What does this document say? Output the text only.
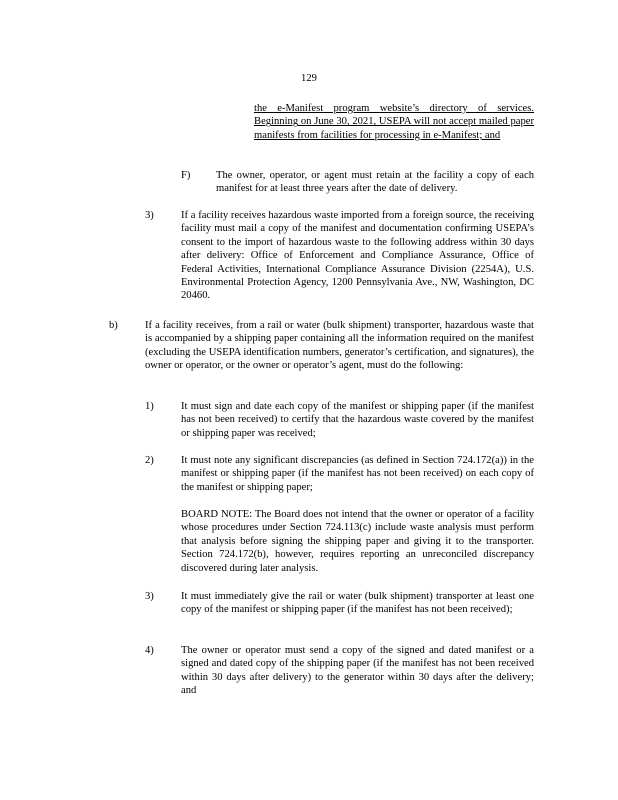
129

the e-Manifest program website’s directory of services. Beginning on June 30, 2021, USEPA will not accept mailed paper manifests from facilities for processing in e-Manifest; and

F) The owner, operator, or agent must retain at the facility a copy of each manifest for at least three years after the date of delivery.

3)	If a facility receives hazardous waste imported from a foreign source, the receiving facility must mail a copy of the manifest and documentation confirming USEPA’s consent to the import of hazardous waste to the following address within 30 days after delivery: Office of Enforcement and Compliance Assurance, Office of Federal Activities, International Compliance Assurance Division (2254A), U.S. Environmental Protection Agency, 1200 Pennsylvania Ave., NW, Washington, DC 20460.

b)	If a facility receives, from a rail or water (bulk shipment) transporter, hazardous waste that is accompanied by a shipping paper containing all the information required on the manifest (excluding the USEPA identification numbers, generator’s certification, and signatures), the owner or operator, or the owner or operator’s agent, must do the following:

1)	It must sign and date each copy of the manifest or shipping paper (if the manifest has not been received) to certify that the hazardous waste covered by the manifest or shipping paper was received;

2)	It must note any significant discrepancies (as defined in Section 724.172(a)) in the manifest or shipping paper (if the manifest has not been received) on each copy of the manifest or shipping paper;

BOARD NOTE: The Board does not intend that the owner or operator of a facility whose procedures under Section 724.113(c) include waste analysis must perform that analysis before signing the shipping paper and giving it to the transporter. Section 724.172(b), however, requires reporting an unreconciled discrepancy discovered during later analysis.

3)	It must immediately give the rail or water (bulk shipment) transporter at least one copy of the manifest or shipping paper (if the manifest has not been received);

4)	The owner or operator must send a copy of the signed and dated manifest or a signed and dated copy of the shipping paper (if the manifest has not been received within 30 days after delivery) to the generator within 30 days after the delivery; and
